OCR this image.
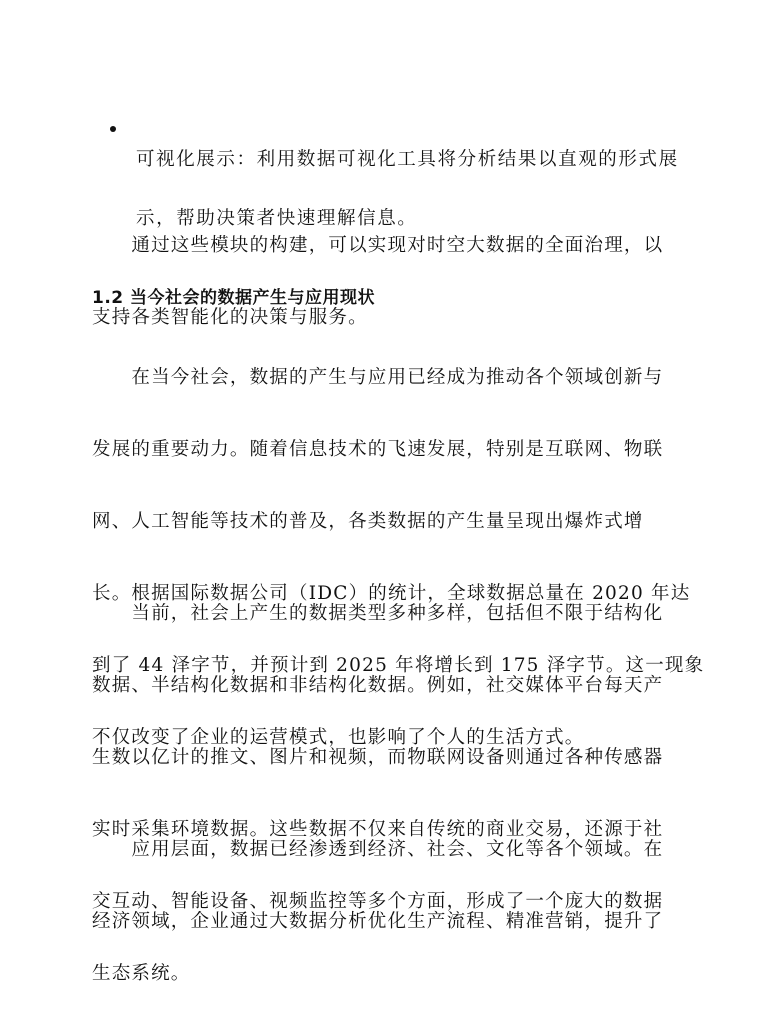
可视化展示：利用数据可视化工具将分析结果以直观的形式展

示，帮助决策者快速理解信息。

　　通过这些模块的构建，可以实现对时空大数据的全面治理，以

支持各类智能化的决策与服务。

1.2 当今社会的数据产生与应用现状

　　在当今社会，数据的产生与应用已经成为推动各个领域创新与

发展的重要动力。随着信息技术的飞速发展，特别是互联网、物联

网、人工智能等技术的普及，各类数据的产生量呈现出爆炸式增

长。根据国际数据公司（IDC）的统计，全球数据总量在 2020 年达

到了 44 泽字节，并预计到 2025 年将增长到 175 泽字节。这一现象

不仅改变了企业的运营模式，也影响了个人的生活方式。

　　当前，社会上产生的数据类型多种多样，包括但不限于结构化

数据、半结构化数据和非结构化数据。例如，社交媒体平台每天产

生数以亿计的推文、图片和视频，而物联网设备则通过各种传感器

实时采集环境数据。这些数据不仅来自传统的商业交易，还源于社

交互动、智能设备、视频监控等多个方面，形成了一个庞大的数据

生态系统。

　　应用层面，数据已经渗透到经济、社会、文化等各个领域。在

经济领域，企业通过大数据分析优化生产流程、精准营销，提升了
